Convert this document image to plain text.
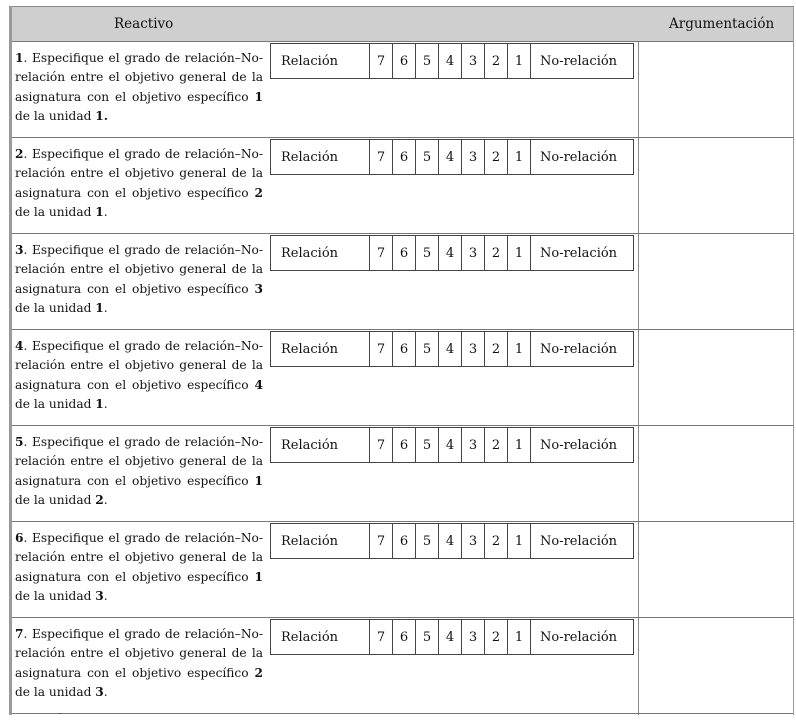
Reactivo	Argumentación
1. Especifique el grado de relación–No-relación entre el objetivo general de la asignatura con el objetivo específico 1 de la unidad 1.
Relación	7	6	5	4	3	2	1	No-relación
2. Especifique el grado de relación–No-relación entre el objetivo general de la asignatura con el objetivo específico 2 de la unidad 1.
Relación	7	6	5	4	3	2	1	No-relación
3. Especifique el grado de relación–No-relación entre el objetivo general de la asignatura con el objetivo específico 3 de la unidad 1.
Relación	7	6	5	4	3	2	1	No-relación
4. Especifique el grado de relación–No-relación entre el objetivo general de la asignatura con el objetivo específico 4 de la unidad 1.
Relación	7	6	5	4	3	2	1	No-relación
5. Especifique el grado de relación–No-relación entre el objetivo general de la asignatura con el objetivo específico 1 de la unidad 2.
Relación	7	6	5	4	3	2	1	No-relación
6. Especifique el grado de relación–No-relación entre el objetivo general de la asignatura con el objetivo específico 1 de la unidad 3.
Relación	7	6	5	4	3	2	1	No-relación
7. Especifique el grado de relación–No-relación entre el objetivo general de la asignatura con el objetivo específico 2 de la unidad 3.
Relación	7	6	5	4	3	2	1	No-relación
